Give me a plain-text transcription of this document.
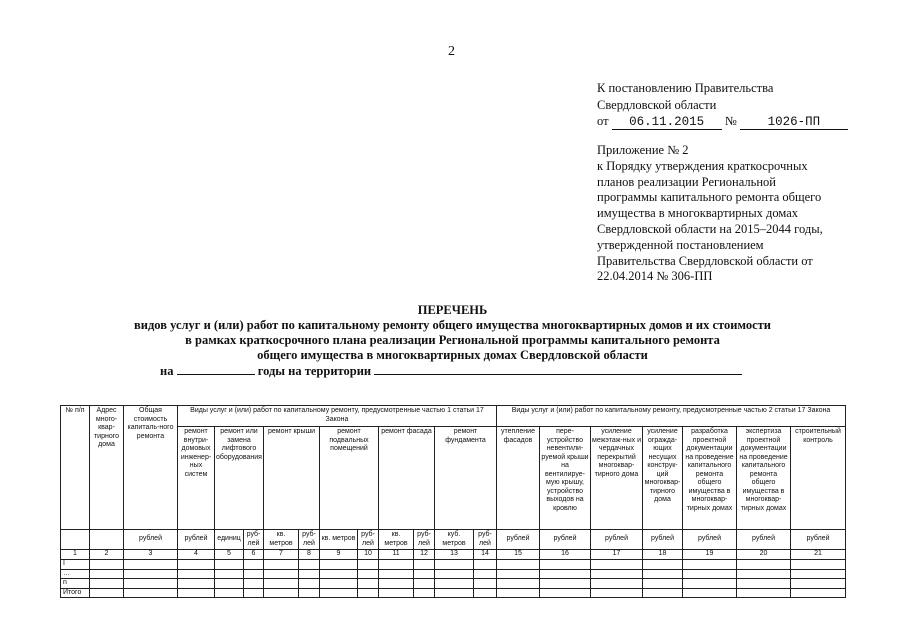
2
К постановлению Правительства
Свердловской области
от 06.11.2015 № 1026-ПП
Приложение № 2
к Порядку утверждения краткосрочных
планов реализации Региональной
программы капитального ремонта общего
имущества в многоквартирных домах
Свердловской области на 2015–2044 годы,
утвержденной постановлением
Правительства Свердловской области от
22.04.2014 № 306-ПП
ПЕРЕЧЕНЬ
видов услуг и (или) работ по капитальному ремонту общего имущества многоквартирных домов и их стоимости
в рамках краткосрочного плана реализации Региональной программы капитального ремонта
общего имущества в многоквартирных домах Свердловской области
на	годы на территории
№ п/п	Адрес много-квар-тирного дома	Общая стоимость капиталь-ного ремонта	Виды услуг и (или) работ по капитальному ремонту, предусмотренные частью 1 статьи 17 Закона											Виды услуг и (или) работ по капитальному ремонту, предусмотренные частью 2 статьи 17 Закона						
			ремонт внутри-домовых инженер-ных систем	ремонт или замена лифтового оборудования		ремонт крыши		ремонт подвальных помещений		ремонт фасада		ремонт фундамента		утепление фасадов	пере-устройство невентили-руемой крыши на вентилируе-мую крышу, устройство выходов на кровлю	усиление межэтаж-ных и чердачных перекрытий многоквар-тирного дома	усиление огражда-ющих несущих конструк-ций многоквар-тирного дома	разработка проектной документации на проведение капитального ремонта общего имущества в многоквар-тирных домах	экспертиза проектной документации на проведение капитального ремонта общего имущества в многоквар-тирных домах	строительный контроль
		рублей	рублей	единиц	руб-лей	кв. метров	руб-лей	кв. метров	руб-лей	кв. метров	руб-лей	куб. метров	руб-лей	рублей	рублей	рублей	рублей	рублей	рублей	рублей
1	2	3	4	5	6	7	8	9	10	11	12	13	14	15	16	17	18	19	20	21
I																				
…																				
n																				
Итого																				
